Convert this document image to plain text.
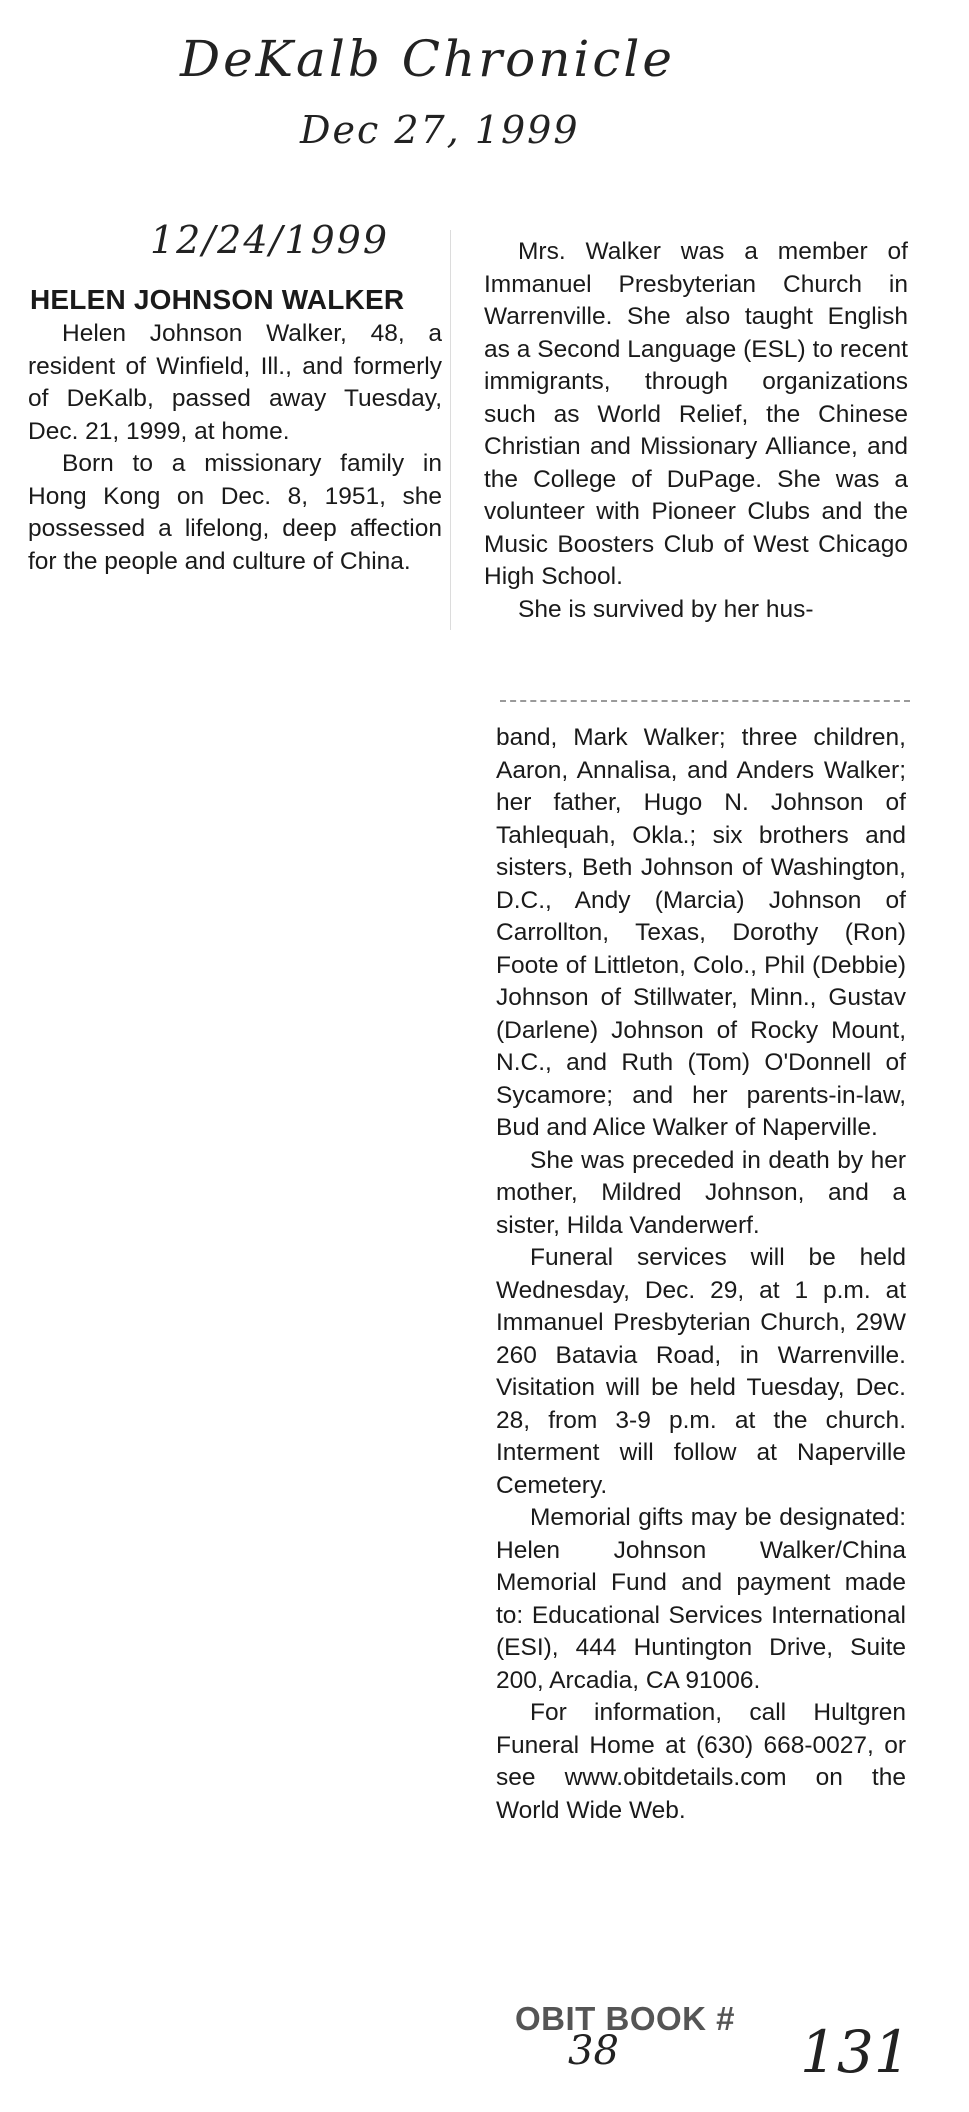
DeKalb Chronicle
Dec 27, 1999
12/24/1999
HELEN JOHNSON WALKER

Helen Johnson Walker, 48, a resident of Winfield, Ill., and formerly of DeKalb, passed away Tuesday, Dec. 21, 1999, at home.

Born to a missionary family in Hong Kong on Dec. 8, 1951, she possessed a lifelong, deep affection for the people and culture of China.

Mrs. Walker was a member of Immanuel Presbyterian Church in Warrenville. She also taught English as a Second Language (ESL) to recent immigrants, through organizations such as World Relief, the Chinese Christian and Missionary Alliance, and the College of DuPage. She was a volunteer with Pioneer Clubs and the Music Boosters Club of West Chicago High School.

She is survived by her hus-

band, Mark Walker; three children, Aaron, Annalisa, and Anders Walker; her father, Hugo N. Johnson of Tahlequah, Okla.; six brothers and sisters, Beth Johnson of Washington, D.C., Andy (Marcia) Johnson of Carrollton, Texas, Dorothy (Ron) Foote of Littleton, Colo., Phil (Debbie) Johnson of Stillwater, Minn., Gustav (Darlene) Johnson of Rocky Mount, N.C., and Ruth (Tom) O'Donnell of Sycamore; and her parents-in-law, Bud and Alice Walker of Naperville.

She was preceded in death by her mother, Mildred Johnson, and a sister, Hilda Vanderwerf.

Funeral services will be held Wednesday, Dec. 29, at 1 p.m. at Immanuel Presbyterian Church, 29W 260 Batavia Road, in Warrenville. Visitation will be held Tuesday, Dec. 28, from 3-9 p.m. at the church. Interment will follow at Naperville Cemetery.

Memorial gifts may be designated: Helen Johnson Walker/China Memorial Fund and payment made to: Educational Services International (ESI), 444 Huntington Drive, Suite 200, Arcadia, CA 91006.

For information, call Hultgren Funeral Home at (630) 668-0027, or see www.obitdetails.com on the World Wide Web.

OBIT BOOK #
38	131
